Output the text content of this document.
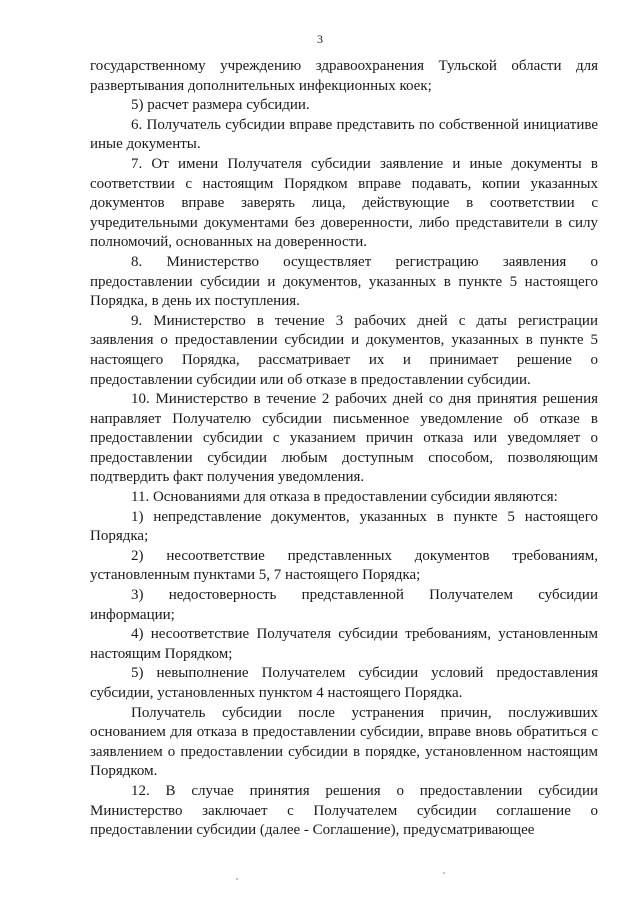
3

государственному учреждению здравоохранения Тульской области для развертывания дополнительных инфекционных коек;

5) расчет размера субсидии.

6. Получатель субсидии вправе представить по собственной инициативе иные документы.

7. От имени Получателя субсидии заявление и иные документы в соответствии с настоящим Порядком вправе подавать, копии указанных документов вправе заверять лица, действующие в соответствии с учредительными документами без доверенности, либо представители в силу полномочий, основанных на доверенности.

8. Министерство осуществляет регистрацию заявления о предоставлении субсидии и документов, указанных в пункте 5 настоящего Порядка, в день их поступления.

9. Министерство в течение 3 рабочих дней с даты регистрации заявления о предоставлении субсидии и документов, указанных в пункте 5 настоящего Порядка, рассматривает их и принимает решение о предоставлении субсидии или об отказе в предоставлении субсидии.

10. Министерство в течение 2 рабочих дней со дня принятия решения направляет Получателю субсидии письменное уведомление об отказе в предоставлении субсидии с указанием причин отказа или уведомляет о предоставлении субсидии любым доступным способом, позволяющим подтвердить факт получения уведомления.

11. Основаниями для отказа в предоставлении субсидии являются:

1) непредставление документов, указанных в пункте 5 настоящего Порядка;

2) несоответствие представленных документов требованиям, установленным пунктами 5, 7 настоящего Порядка;

3) недостоверность представленной Получателем субсидии информации;

4) несоответствие Получателя субсидии требованиям, установленным настоящим Порядком;

5) невыполнение Получателем субсидии условий предоставления субсидии, установленных пунктом 4 настоящего Порядка.

Получатель субсидии после устранения причин, послуживших основанием для отказа в предоставлении субсидии, вправе вновь обратиться с заявлением о предоставлении субсидии в порядке, установленном настоящим Порядком.

12. В случае принятия решения о предоставлении субсидии Министерство заключает с Получателем субсидии соглашение о предоставлении субсидии (далее - Соглашение), предусматривающее
